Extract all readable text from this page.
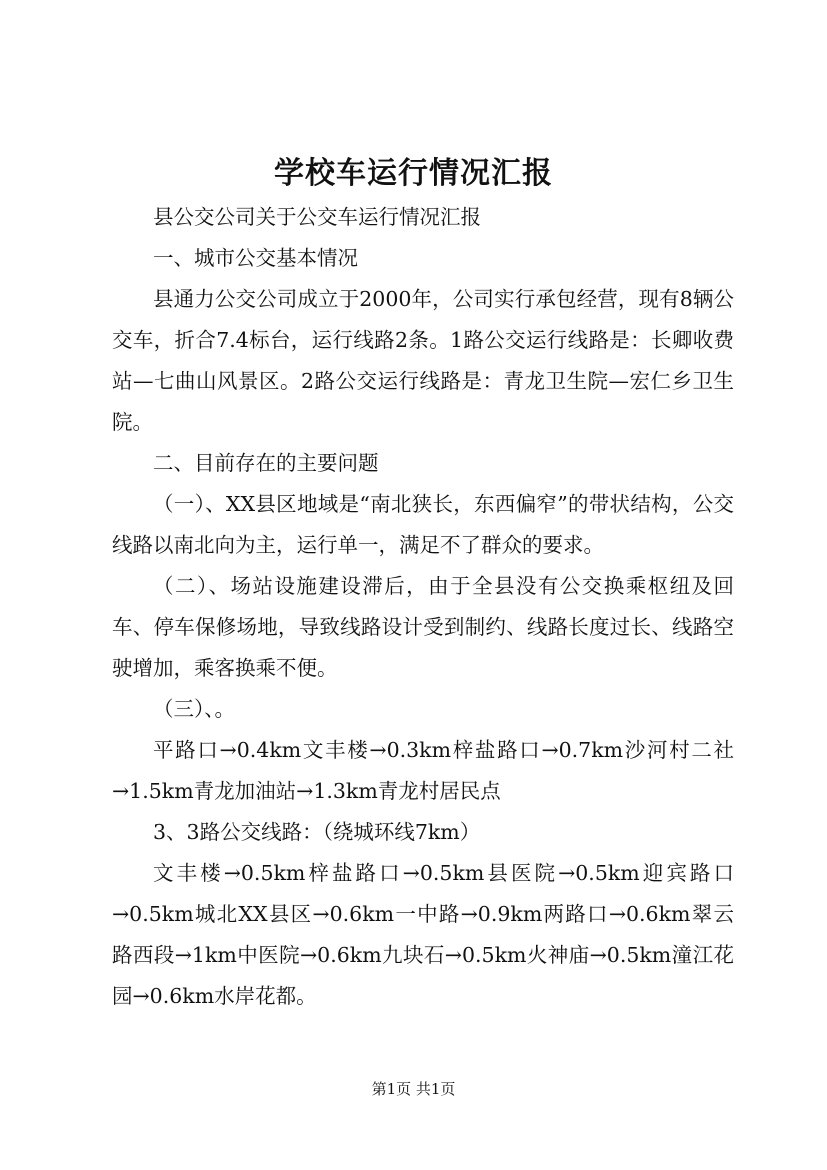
学校车运行情况汇报

县公交公司关于公交车运行情况汇报

一、城市公交基本情况

县通力公交公司成立于2000年，公司实行承包经营，现有8辆公交车，折合7.4标台，运行线路2条。1路公交运行线路是：长卿收费站—七曲山风景区。2路公交运行线路是：青龙卫生院—宏仁乡卫生院。

二、目前存在的主要问题

（一）、XX县区地域是“南北狭长，东西偏窄”的带状结构，公交线路以南北向为主，运行单一，满足不了群众的要求。

（二）、场站设施建设滞后，由于全县没有公交换乘枢纽及回车、停车保修场地，导致线路设计受到制约、线路长度过长、线路空驶增加，乘客换乘不便。

（三）、。

平路口→0.4km文丰楼→0.3km梓盐路口→0.7km沙河村二社→1.5km青龙加油站→1.3km青龙村居民点

3、3路公交线路：（绕城环线7km）

文丰楼→0.5km梓盐路口→0.5km县医院→0.5km迎宾路口→0.5km城北XX县区→0.6km一中路→0.9km两路口→0.6km翠云路西段→1km中医院→0.6km九块石→0.5km火神庙→0.5km潼江花园→0.6km水岸花都。

第1页 共1页
